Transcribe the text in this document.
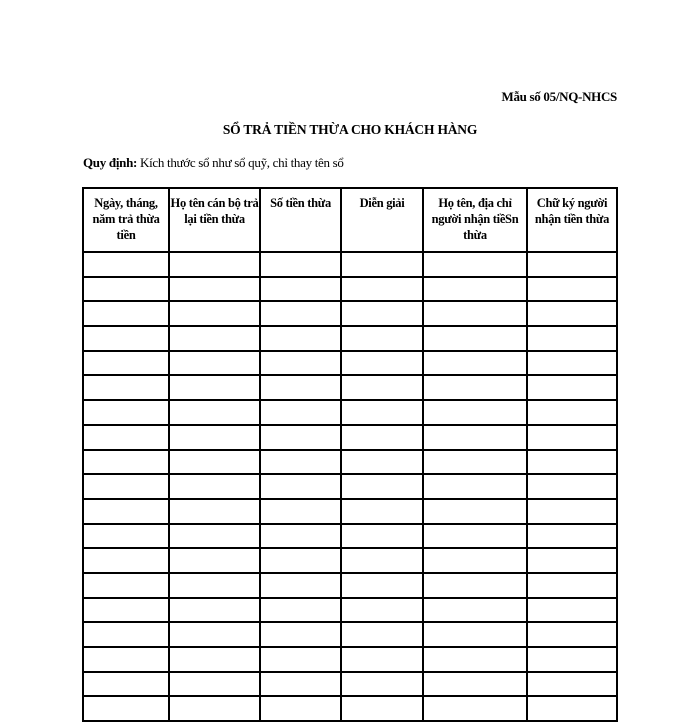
Mẫu số 05/NQ-NHCS
SỔ TRẢ TIỀN THỪA CHO KHÁCH HÀNG
Quy định: Kích thước sổ như sổ quỹ, chỉ thay tên sổ
Ngày, tháng, năm trả thừa tiền	Họ tên cán bộ trả lại tiền thừa	Số tiền thừa	Diễn giải	Họ tên, địa chỉ người nhận tiềSn thừa	Chữ ký người nhận tiền thừa
